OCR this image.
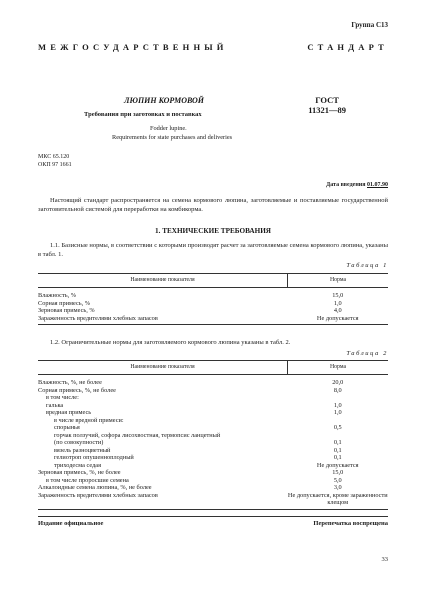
Группа С13
МЕЖГОСУДАРСТВЕННЫЙ	СТАНДАРТ
ЛЮПИН КОРМОВОЙ
Требования при заготовках и поставках
Fodder lupine.
Requirements for state purchases and deliveries
ГОСТ
11321—89
МКС 65.120
ОКП 97 1661
Дата введения 01.07.90
Настоящий стандарт распространяется на семена кормового люпина, заготовляемые и поставляемые государственной заготовительной системой для переработки на комбикорма.
1. ТЕХНИЧЕСКИЕ ТРЕБОВАНИЯ
1.1. Базисные нормы, в соответствии с которыми производят расчет за заготовляемые семена кормового люпина, указаны в табл. 1.
Таблица 1
Наименование показателя	Норма
Влажность, %	15,0
Сорная примесь, %	1,0
Зерновая примесь, %	4,0
Зараженность вредителями хлебных запасов	Не допускается
1.2. Ограничительные нормы для заготовляемого кормового люпина указаны в табл. 2.
Таблица 2
Наименование показателя	Норма
Влажность, %, не более	20,0
Сорная примесь, %, не более	8,0
в том числе:	
галька	1,0
вредная примесь	1,0
в числе вредной примеси:	
спорынья	0,5
горчак ползучий, софора лисохвостная, термопсис ланцетный	
(по совокупности)	0,1
вязель разноцветный	0,1
гелиотроп опушенноплодный	0,1
триходесма седая	Не допускается
Зерновая примесь, %, не более	15,0
в том числе проросшие семена	5,0
Алкалоидные семена люпина, %, не более	3,0
Зараженность вредителями хлебных запасов	Не допускается, кроме зараженности клещом
Издание официальное	Перепечатка воспрещена
33
